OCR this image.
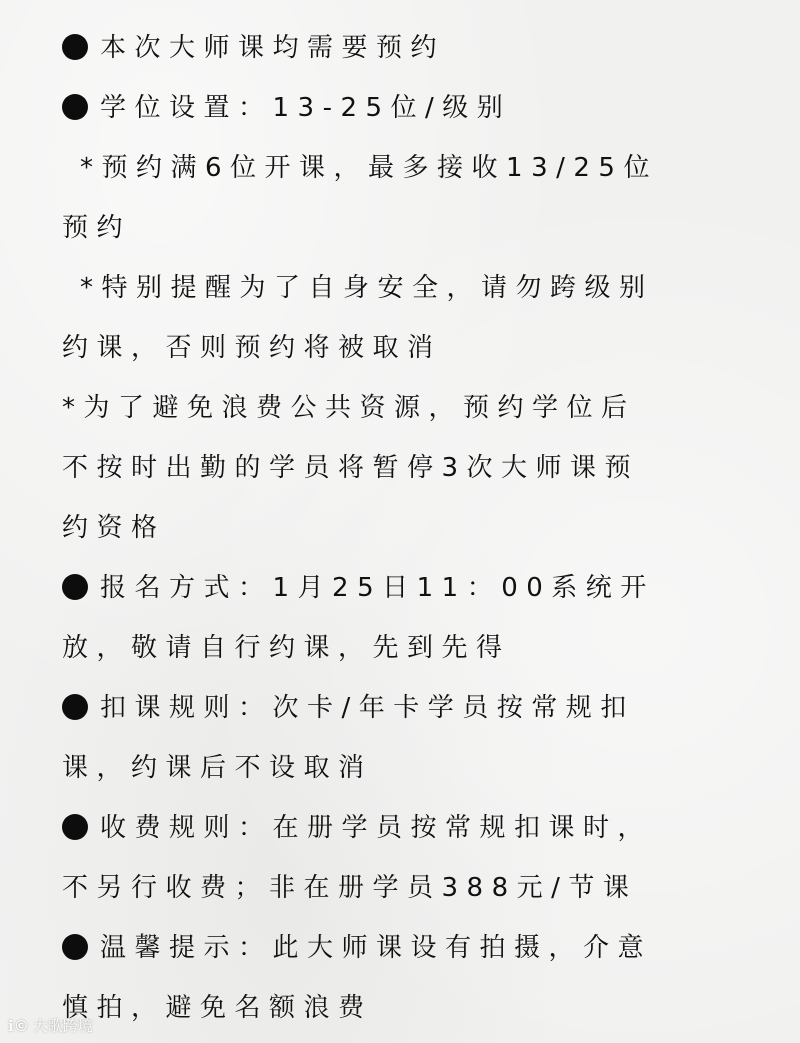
本次大师课均需要预约
学位设置：13-25位/级别
*预约满6位开课，最多接收13/25位
预约
*特别提醒为了自身安全，请勿跨级别
约课，否则预约将被取消
*为了避免浪费公共资源，预约学位后
不按时出勤的学员将暂停3次大师课预
约资格
报名方式：1月25日11：00系统开
放，敬请自行约课，先到先得
扣课规则：次卡/年卡学员按常规扣
课，约课后不设取消
收费规则：在册学员按常规扣课时，
不另行收费；非在册学员388元/节课
温馨提示：此大师课设有拍摄，介意
慎拍，避免名额浪费
ℹ© 大歌跨境
